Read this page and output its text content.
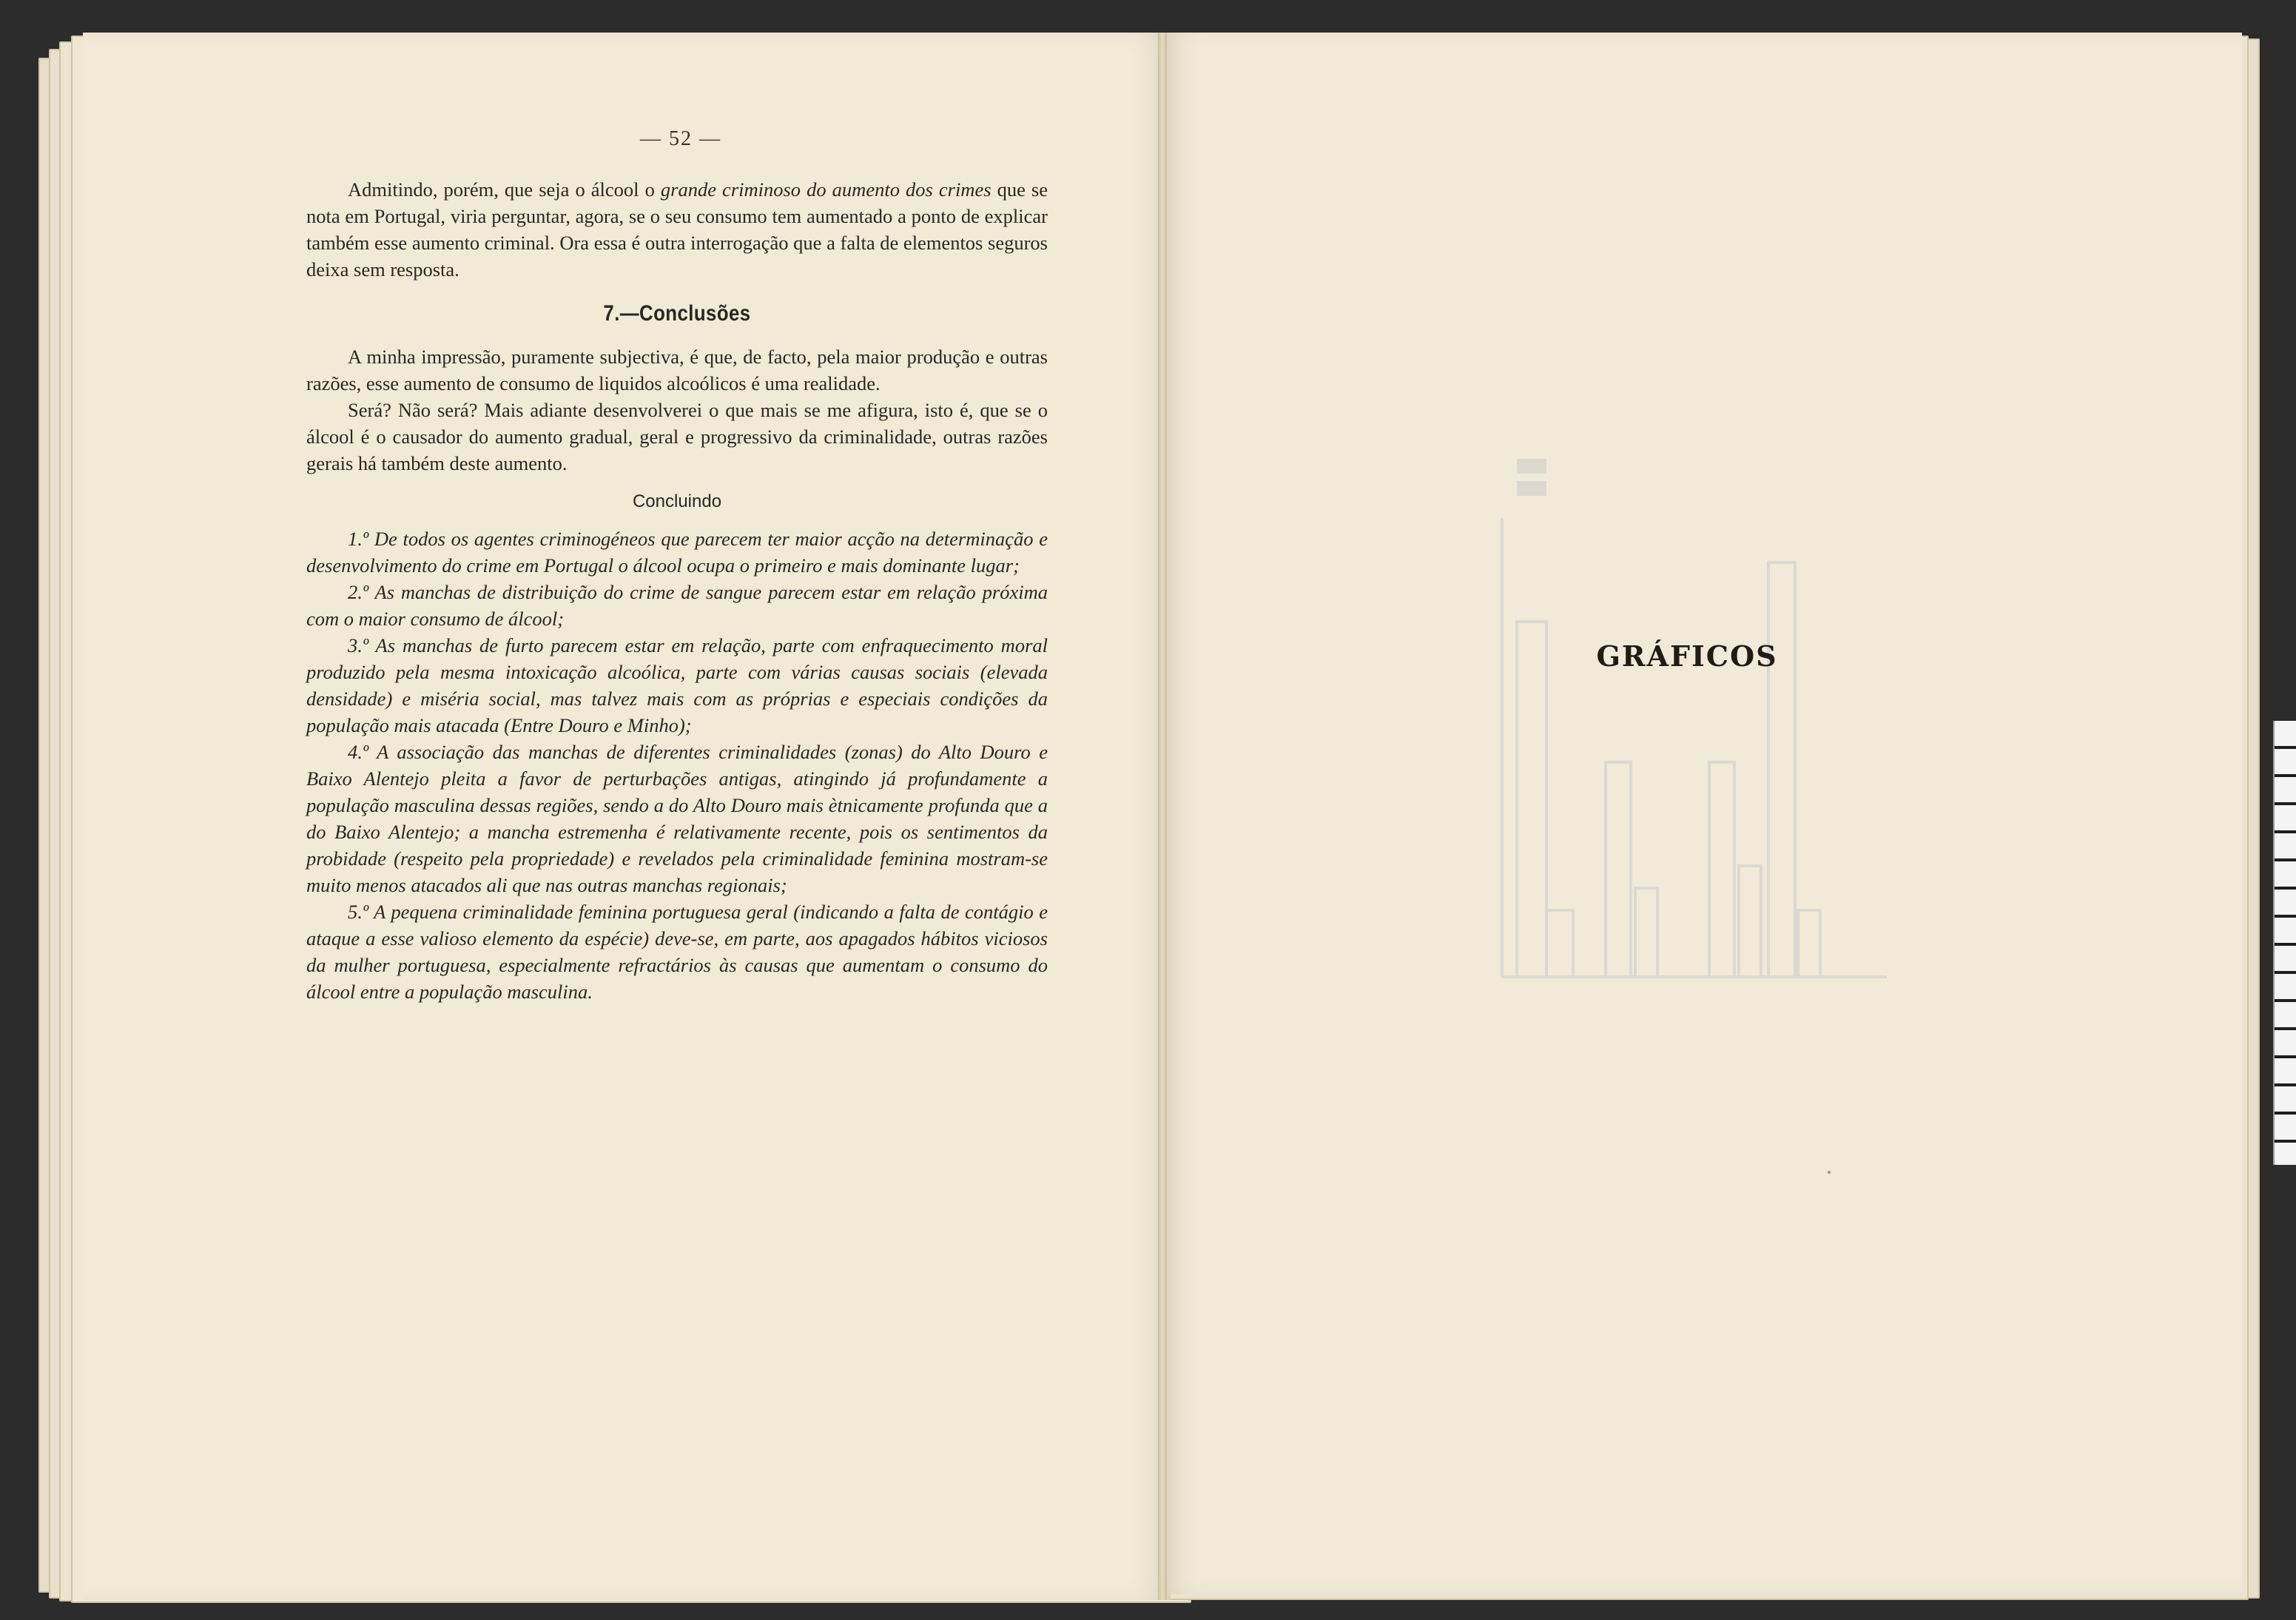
— 52 —

Admitindo, porém, que seja o álcool o grande criminoso do aumento dos crimes que se nota em Portugal, viria perguntar, agora, se o seu consumo tem aumentado a ponto de explicar também esse aumento criminal. Ora essa é outra interrogação que a falta de elementos seguros deixa sem resposta.

7.—Conclusões

A minha impressão, puramente subjectiva, é que, de facto, pela maior produção e outras razões, esse aumento de consumo de liquidos alcoólicos é uma realidade.

Será? Não será? Mais adiante desenvolverei o que mais se me afigura, isto é, que se o álcool é o causador do aumento gradual, geral e progressivo da criminalidade, outras razões gerais há também deste aumento.

Concluindo

1.º De todos os agentes criminogéneos que parecem ter maior acção na determinação e desenvolvimento do crime em Portugal o álcool ocupa o primeiro e mais dominante lugar;

2.º As manchas de distribuição do crime de sangue parecem estar em relação próxima com o maior consumo de álcool;

3.º As manchas de furto parecem estar em relação, parte com enfraquecimento moral produzido pela mesma intoxicação alcoólica, parte com várias causas sociais (elevada densidade) e miséria social, mas talvez mais com as próprias e especiais condições da população mais atacada (Entre Douro e Minho);

4.º A associação das manchas de diferentes criminalidades (zonas) do Alto Douro e Baixo Alentejo pleita a favor de perturbações antigas, atingindo já profundamente a população masculina dessas regiões, sendo a do Alto Douro mais ètnicamente profunda que a do Baixo Alentejo; a mancha estremenha é relativamente recente, pois os sentimentos da probidade (respeito pela propriedade) e revelados pela criminalidade feminina mostram-se muito menos atacados ali que nas outras manchas regionais;

5.º A pequena criminalidade feminina portuguesa geral (indicando a falta de contágio e ataque a esse valioso elemento da espécie) deve-se, em parte, aos apagados hábitos viciosos da mulher portuguesa, especialmente refractários às causas que aumentam o consumo do álcool entre a população masculina.

GRÁFICOS
